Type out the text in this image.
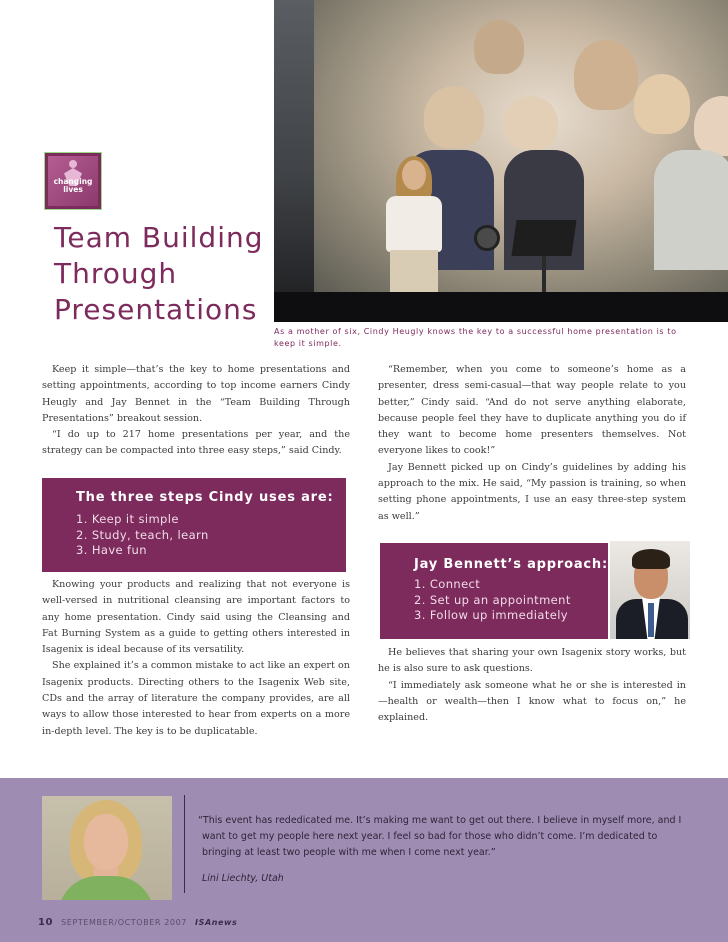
changing
lives
Team Building
Through
Presentations
As a mother of six, Cindy Heugly knows the key to a successful home presentation is to keep it simple.

Keep it simple—that’s the key to home presentations and setting appointments, according to top income earners Cindy Heugly and Jay Bennet in the “Team Building Through Presentations” breakout session.

“I do up to 217 home presentations per year, and the strategy can be compacted into three easy steps,” said Cindy.

The three steps Cindy uses are:
1. Keep it simple
2. Study, teach, learn
3. Have fun

Knowing your products and realizing that not everyone is well-versed in nutritional cleansing are important factors to any home presentation. Cindy said using the Cleansing and Fat Burning System as a guide to getting others interested in Isagenix is ideal because of its versatility.

She explained it’s a common mistake to act like an expert on Isagenix products. Directing others to the Isagenix Web site, CDs and the array of literature the company provides, are all ways to allow those interested to hear from experts on a more in-depth level. The key is to be duplicatable.

“Remember, when you come to someone’s home as a presenter, dress semi-casual—that way people relate to you better,” Cindy said. “And do not serve anything elaborate, because people feel they have to duplicate anything you do if they want to become home presenters themselves. Not everyone likes to cook!”

Jay Bennett picked up on Cindy’s guidelines by adding his approach to the mix. He said, “My passion is training, so when setting phone appointments, I use an easy three-step system as well.”

Jay Bennett’s approach:
1. Connect
2. Set up an appointment
3. Follow up immediately

He believes that sharing your own Isagenix story works, but he is also sure to ask questions.

“I immediately ask someone what he or she is interested in—health or wealth—then I know what to focus on,” he explained.

“This event has rededicated me. It’s making me want to get out there. I believe in myself more, and I want to get my people here next year. I feel so bad for those who didn’t come. I’m dedicated to bringing at least two people with me when I come next year.”

Lini Liechty, Utah
10 SEPTEMBER/OCTOBER 2007 ISAnews
